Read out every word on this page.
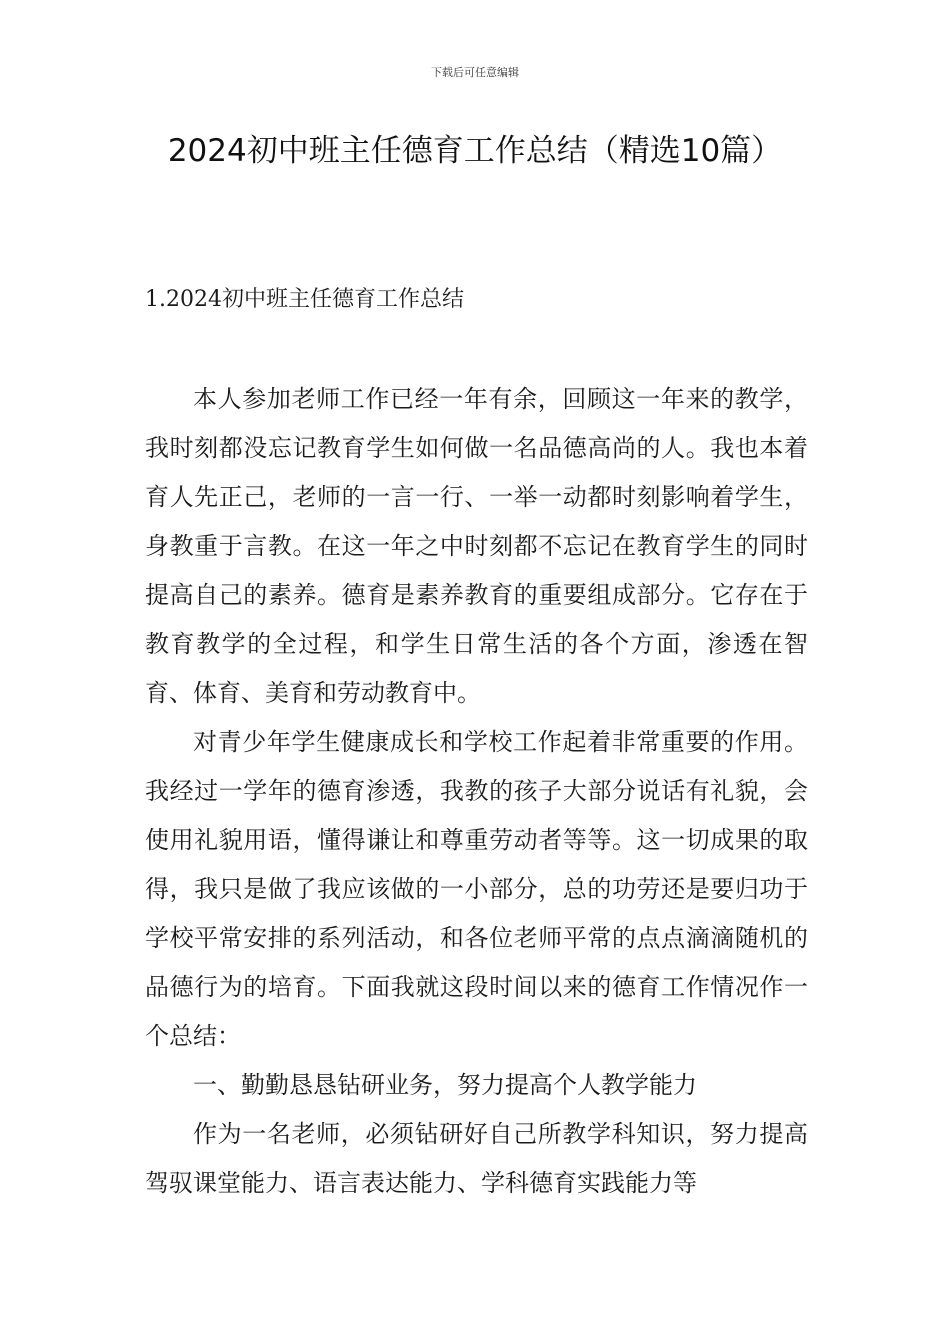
下载后可任意编辑
2024初中班主任德育工作总结（精选10篇）
1.2024初中班主任德育工作总结

本人参加老师工作已经一年有余，回顾这一年来的教学，我时刻都没忘记教育学生如何做一名品德高尚的人。我也本着育人先正己，老师的一言一行、一举一动都时刻影响着学生，身教重于言教。在这一年之中时刻都不忘记在教育学生的同时提高自己的素养。德育是素养教育的重要组成部分。它存在于教育教学的全过程，和学生日常生活的各个方面，渗透在智育、体育、美育和劳动教育中。

对青少年学生健康成长和学校工作起着非常重要的作用。我经过一学年的德育渗透，我教的孩子大部分说话有礼貌，会使用礼貌用语，懂得谦让和尊重劳动者等等。这一切成果的取得，我只是做了我应该做的一小部分，总的功劳还是要归功于学校平常安排的系列活动，和各位老师平常的点点滴滴随机的品德行为的培育。下面我就这段时间以来的德育工作情况作一个总结：

一、勤勤恳恳钻研业务，努力提高个人教学能力

作为一名老师，必须钻研好自己所教学科知识，努力提高驾驭课堂能力、语言表达能力、学科德育实践能力等
